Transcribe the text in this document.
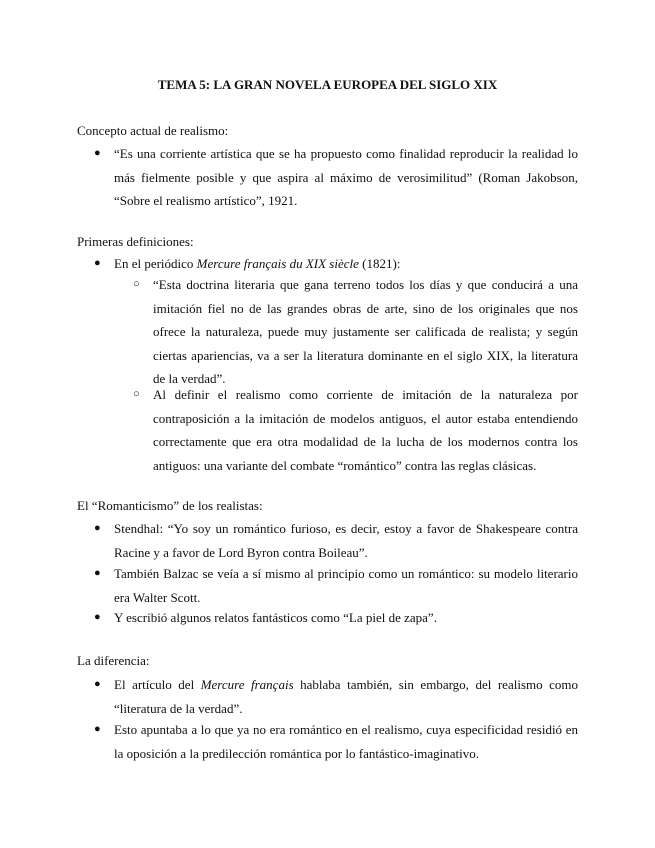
TEMA 5: LA GRAN NOVELA EUROPEA DEL SIGLO XIX
Concepto actual de realismo:
● “Es una corriente artística que se ha propuesto como finalidad reproducir la realidad lo más fielmente posible y que aspira al máximo de verosimilitud” (Roman Jakobson, “Sobre el realismo artístico”, 1921.
Primeras definiciones:
● En el periódico Mercure français du XIX siècle (1821):
○ “Esta doctrina literaria que gana terreno todos los días y que conducirá a una imitación fiel no de las grandes obras de arte, sino de los originales que nos ofrece la naturaleza, puede muy justamente ser calificada de realista; y según ciertas apariencias, va a ser la literatura dominante en el siglo XIX, la literatura de la verdad”.
○ Al definir el realismo como corriente de imitación de la naturaleza por contraposición a la imitación de modelos antiguos, el autor estaba entendiendo correctamente que era otra modalidad de la lucha de los modernos contra los antiguos: una variante del combate “romántico” contra las reglas clásicas.
El “Romanticismo” de los realistas:
● Stendhal: “Yo soy un romántico furioso, es decir, estoy a favor de Shakespeare contra Racine y a favor de Lord Byron contra Boileau”.
● También Balzac se veía a sí mismo al principio como un romántico: su modelo literario era Walter Scott.
● Y escribió algunos relatos fantásticos como “La piel de zapa”.
La diferencia:
● El artículo del Mercure français hablaba también, sin embargo, del realismo como “literatura de la verdad”.
● Esto apuntaba a lo que ya no era romántico en el realismo, cuya especificidad residió en la oposición a la predilección romántica por lo fantástico-imaginativo.
